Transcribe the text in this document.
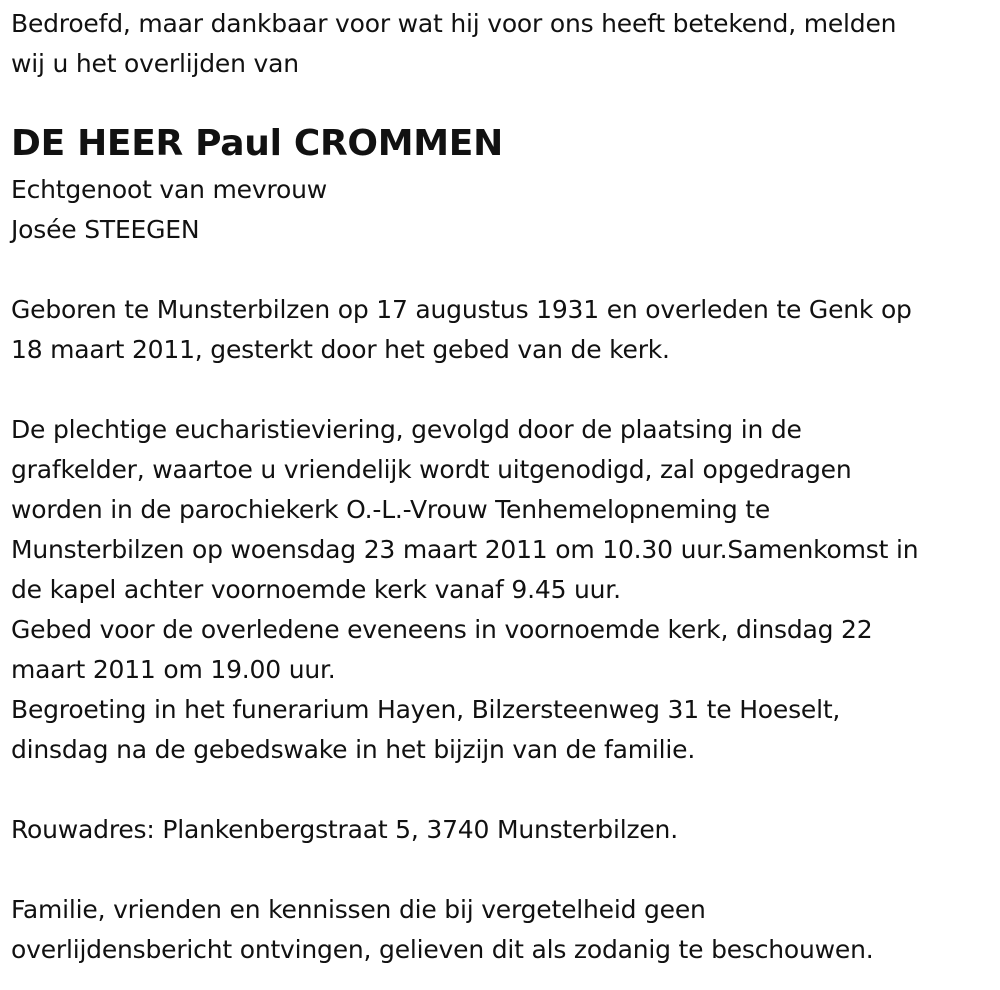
Bedroefd, maar dankbaar voor wat hij voor ons heeft betekend, melden
wij u het overlijden van
DE HEER Paul CROMMEN
Echtgenoot van mevrouw
Josée STEEGEN
Geboren te Munsterbilzen op 17 augustus 1931 en overleden te Genk op
18 maart 2011, gesterkt door het gebed van de kerk.
De plechtige eucharistieviering, gevolgd door de plaatsing in de
grafkelder, waartoe u vriendelijk wordt uitgenodigd, zal opgedragen
worden in de parochiekerk O.-L.-Vrouw Tenhemelopneming te
Munsterbilzen op woensdag 23 maart 2011 om 10.30 uur.Samenkomst in
de kapel achter voornoemde kerk vanaf 9.45 uur.
Gebed voor de overledene eveneens in voornoemde kerk, dinsdag 22
maart 2011 om 19.00 uur.
Begroeting in het funerarium Hayen, Bilzersteenweg 31 te Hoeselt,
dinsdag na de gebedswake in het bijzijn van de familie.
Rouwadres: Plankenbergstraat 5, 3740 Munsterbilzen.
Familie, vrienden en kennissen die bij vergetelheid geen
overlijdensbericht ontvingen, gelieven dit als zodanig te beschouwen.
